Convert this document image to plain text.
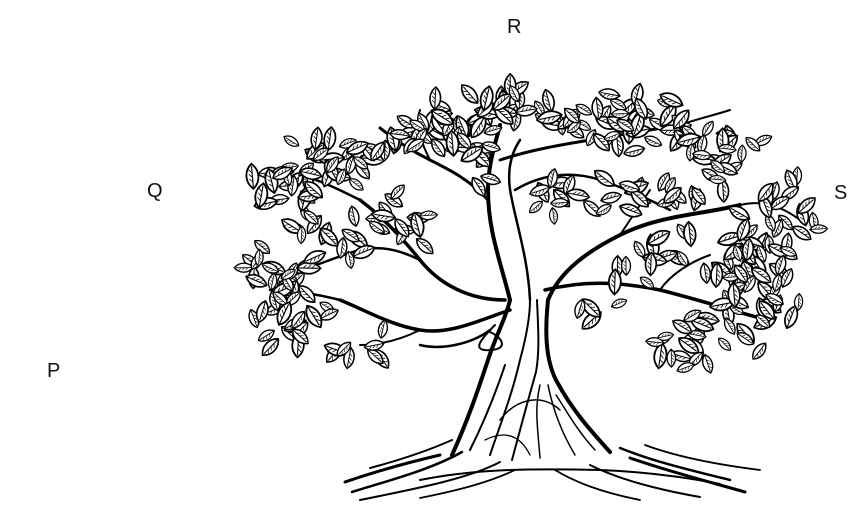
R
Q	S
P
